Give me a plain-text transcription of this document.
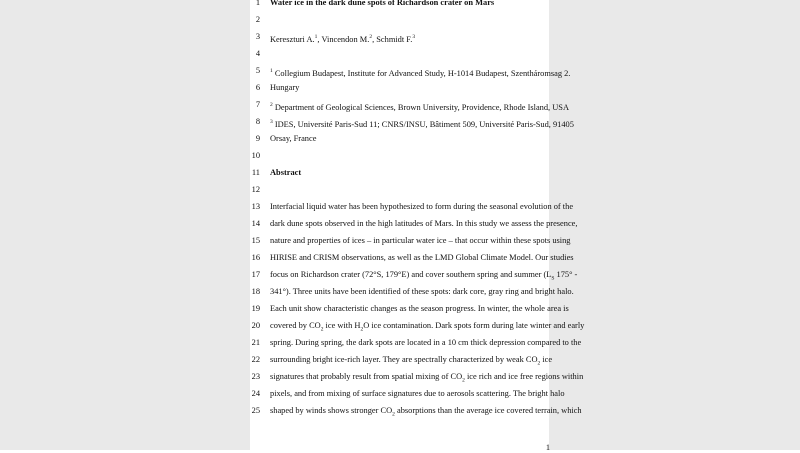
1 Water ice in the dark dune spots of Richardson crater on Mars
2
3 Kereszturi A.$^1$, Vincendon M.$^2$, Schmidt F.$^3$
4
5 $^1$ Collegium Budapest, Institute for Advanced Study, H-1014 Budapest, Szentháromsag 2.
6 Hungary
7 $^2$ Department of Geological Sciences, Brown University, Providence, Rhode Island, USA
8 $^3$ IDES, Université Paris-Sud 11; CNRS/INSU, Bâtiment 509, Université Paris-Sud, 91405
9 Orsay, France
10
11 Abstract
12
13 Interfacial liquid water has been hypothesized to form during the seasonal evolution of the
14 dark dune spots observed in the high latitudes of Mars. In this study we assess the presence,
15 nature and properties of ices – in particular water ice – that occur within these spots using
16 HIRISE and CRISM observations, as well as the LMD Global Climate Model. Our studies
17 focus on Richardson crater (72°S, 179°E) and cover southern spring and summer ($L_S$ 175° -
18 341°). Three units have been identified of these spots: dark core, gray ring and bright halo.
19 Each unit show characteristic changes as the season progress. In winter, the whole area is
20 covered by $CO_2$ ice with $H_2O$ ice contamination. Dark spots form during late winter and early
21 spring. During spring, the dark spots are located in a 10 cm thick depression compared to the
22 surrounding bright ice-rich layer. They are spectrally characterized by weak $CO_2$ ice
23 signatures that probably result from spatial mixing of $CO_2$ ice rich and ice free regions within
24 pixels, and from mixing of surface signatures due to aerosols scattering. The bright halo
25 shaped by winds shows stronger $CO_2$ absorptions than the average ice covered terrain, which
1
